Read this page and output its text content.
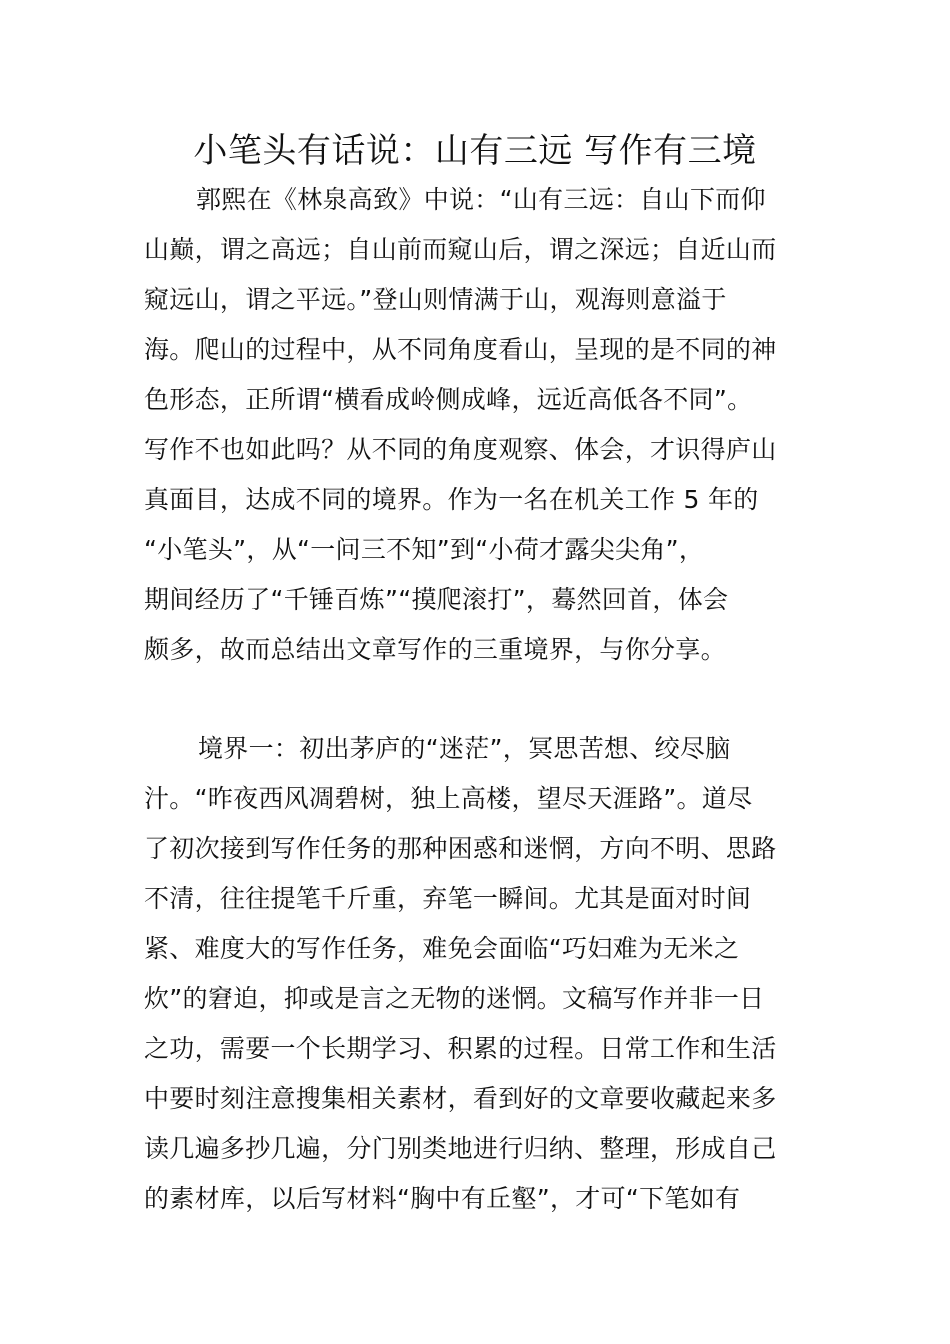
小笔头有话说：山有三远 写作有三境
郭熙在《林泉高致》中说：“山有三远：自山下而仰
山巅，谓之高远；自山前而窥山后，谓之深远；自近山而
窥远山，谓之平远。”登山则情满于山，观海则意溢于
海。爬山的过程中，从不同角度看山，呈现的是不同的神
色形态，正所谓“横看成岭侧成峰，远近高低各不同”。
写作不也如此吗？从不同的角度观察、体会，才识得庐山
真面目，达成不同的境界。作为一名在机关工作 5 年的
“小笔头”，从“一问三不知”到“小荷才露尖尖角”，
期间经历了“千锤百炼”“摸爬滚打”，蓦然回首，体会
颇多，故而总结出文章写作的三重境界，与你分享。
境界一：初出茅庐的“迷茫”，冥思苦想、绞尽脑
汁。“昨夜西风凋碧树，独上高楼，望尽天涯路”。道尽
了初次接到写作任务的那种困惑和迷惘，方向不明、思路
不清，往往提笔千斤重，弃笔一瞬间。尤其是面对时间
紧、难度大的写作任务，难免会面临“巧妇难为无米之
炊”的窘迫，抑或是言之无物的迷惘。文稿写作并非一日
之功，需要一个长期学习、积累的过程。日常工作和生活
中要时刻注意搜集相关素材，看到好的文章要收藏起来多
读几遍多抄几遍，分门别类地进行归纳、整理，形成自己
的素材库，以后写材料“胸中有丘壑”，才可“下笔如有
